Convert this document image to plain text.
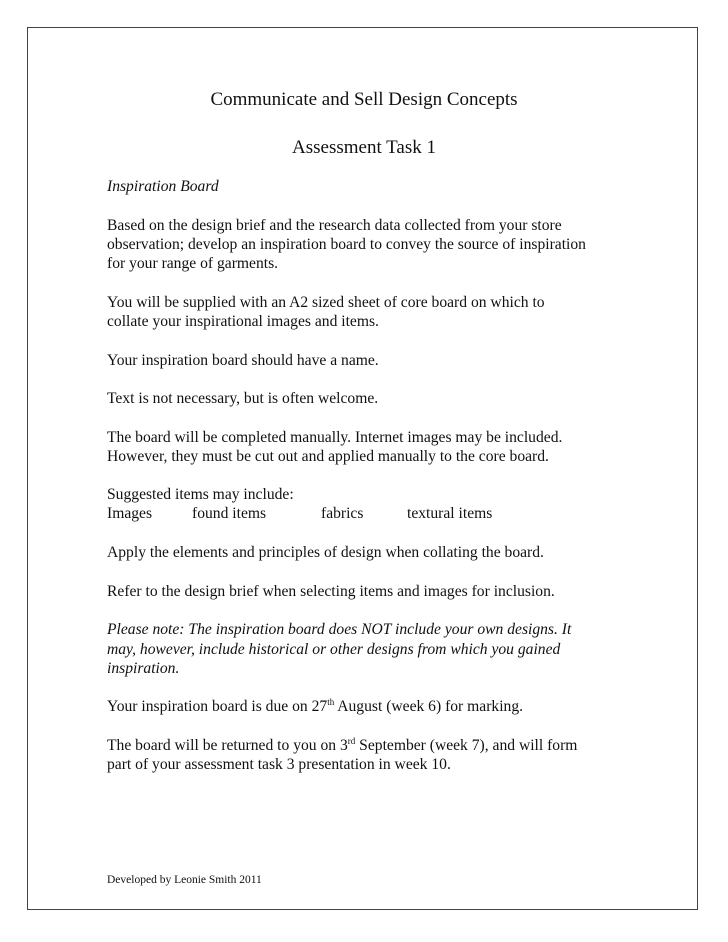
Communicate and Sell Design Concepts
Assessment Task 1
Inspiration Board
Based on the design brief and the research data collected from your store
observation; develop an inspiration board to convey the source of inspiration
for your range of garments.
You will be supplied with an A2 sized sheet of core board on which to
collate your inspirational images and items.
Your inspiration board should have a name.
Text is not necessary, but is often welcome.
The board will be completed manually. Internet images may be included.
However, they must be cut out and applied manually to the core board.
Suggested items may include:
Images	found items	fabrics	textural items
Apply the elements and principles of design when collating the board.
Refer to the design brief when selecting items and images for inclusion.
Please note: The inspiration board does NOT include your own designs. It
may, however, include historical or other designs from which you gained
inspiration.
Your inspiration board is due on 27th August (week 6) for marking.
The board will be returned to you on 3rd September (week 7), and will form
part of your assessment task 3 presentation in week 10.
Developed by Leonie Smith 2011
